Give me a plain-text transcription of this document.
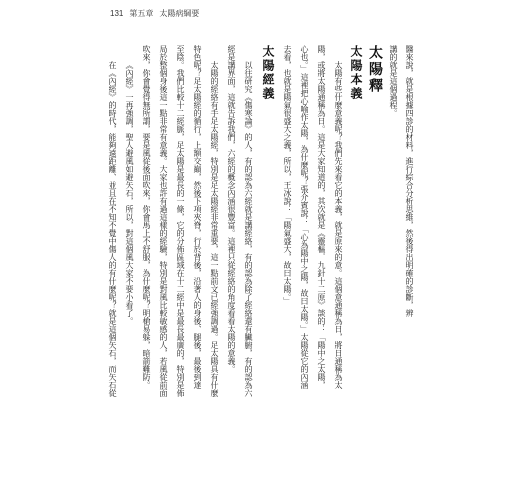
131 第五章 太陽病綱要
醫來說，就是根據四診的材料，進行綜合分析思維，然後得出明確的診斷，辨
講的就是這個過程。
太陽釋
太陽本義
太陽有些什麼意義呢？我們先來看它的本義，就是原來的意。這個意通稱為日，將日通稱為太
陽，或將太陽通稱為日。這是大家知道的，其次就是《靈樞．九針十二原》談的：「陽中之太陽，
心也。」這裡把心喻作太陽，為什麼呢？張介賓說：「心為陽中之陽，故曰太陽。」太陽從它的內涵
去看，也就是陽氣很盛大之義，所以，王冰說：「陽氣盛大，故曰太陽。」
太陽經義
以往研究《傷寒論》的人，有的認為六經就是講經絡，有的認為除了經絡還有臟腑，有的認為六
經是講界面，這就告訴我們，六經的概念內涵很豐富。這裡只從經絡的角度看看太陽的意義。
太陽的經絡有手足太陽經，特別是足太陽經非常重要，這一點前文已經強調過。足太陽具有什麼
特色呢？足太陽經的循行，上額交巔，然後下項夾脊，行於背後，沿著人的身後、腿後，最後到達
至陰。我們比較十二經脈，足太陽是最長的一條，它的分佈區域在十二經中是最長最廣的，特別是佈
局於整個身後這一點非常有意義。大家也許有過這樣的經驗，特別是對風比較敏感的人，若風從前面
吹來，你會覺得無所謂，要是風從後面吹來，你會馬上不舒服，為什麼呢？明槍易躲，暗箭難防。
《內經》一再強調，聖人避風如避矢石，所以，對這個風大家不要小看了。
在《內經》的時代，能夠遠距離、並且在不知不覺中傷人的有什麼呢？就是這個矢石，而矢石從
